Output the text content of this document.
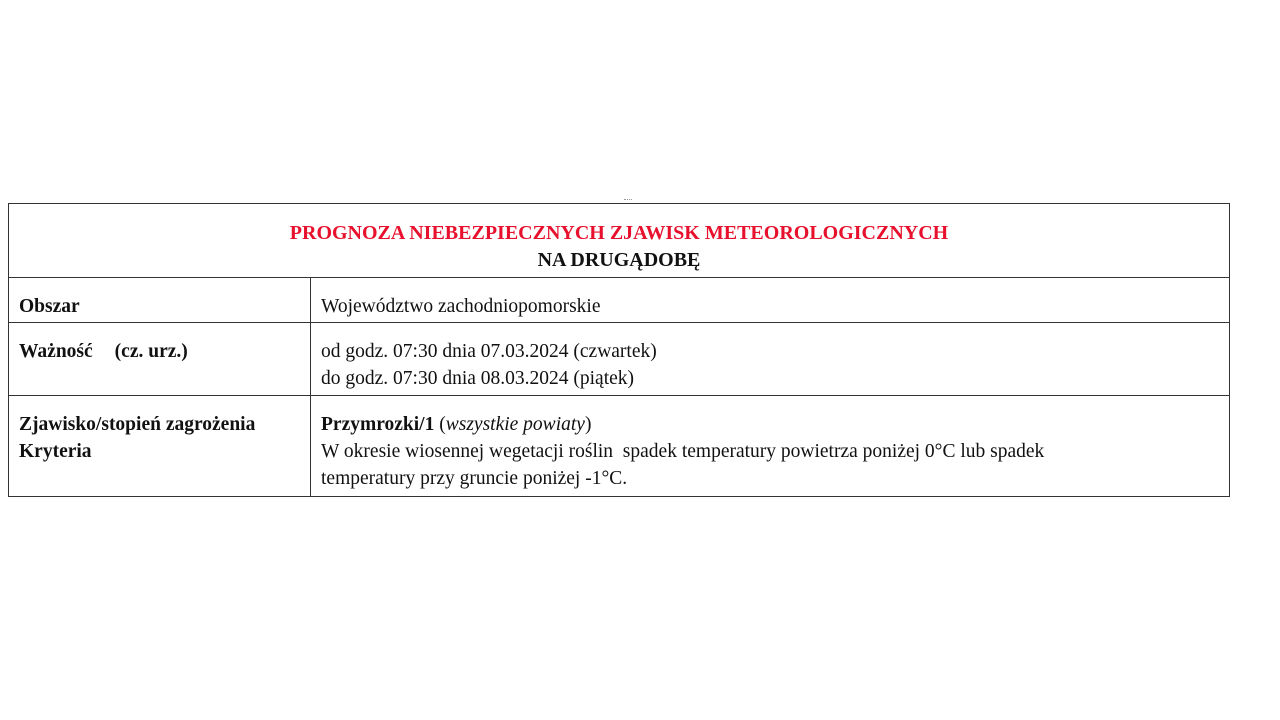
PROGNOZA NIEBEZPIECZNYCH ZJAWISK METEOROLOGICZNYCH
NA DRUGĄDOBĘ	

Obszar	Województwo zachodniopomorskie

Ważność (cz. urz.)	od godz. 07:30 dnia 07.03.2024 (czwartek)
do godz. 07:30 dnia 08.03.2024 (piątek)

Zjawisko/stopień zagrożenia
Kryteria	Przymrozki/1 (wszystkie powiaty)
W okresie wiosennej wegetacji roślin  spadek temperatury powietrza poniżej 0°C lub spadek
temperatury przy gruncie poniżej -1°C.
